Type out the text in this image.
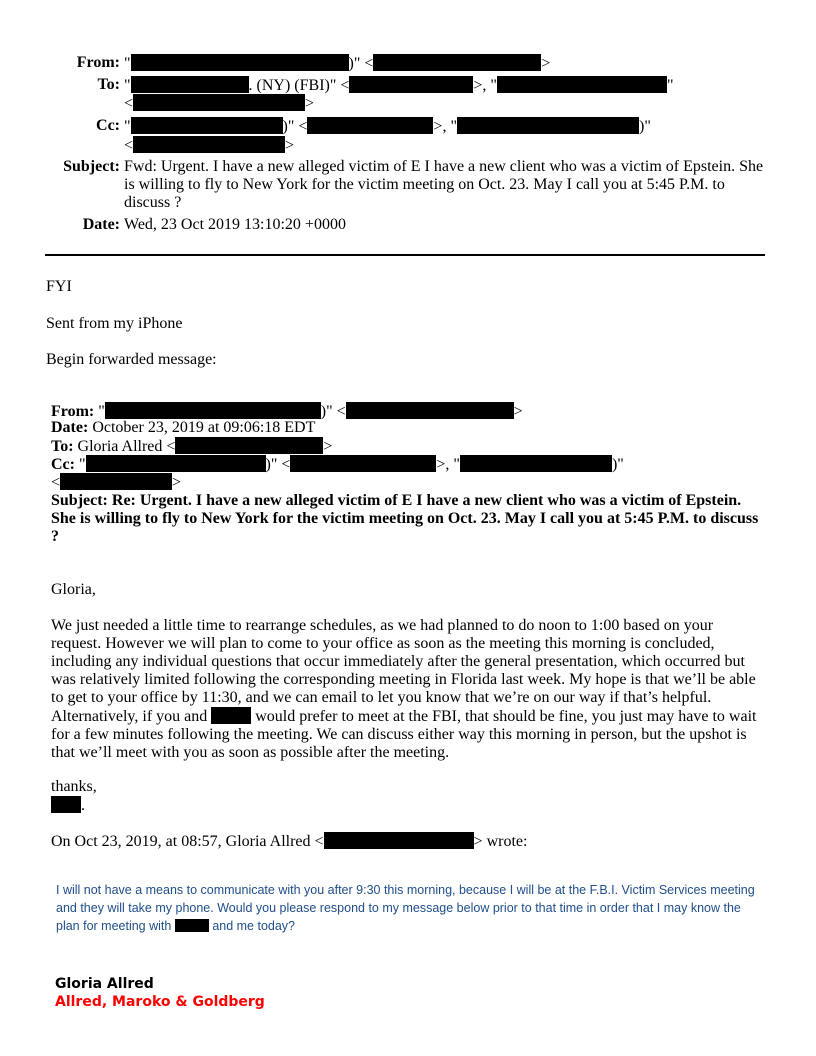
From: "	)" <	>
To: "	. (NY) (FBI)" <	>, "	"
<	>
Cc: "	)" <	>, "	)"
<	>
Subject: Fwd: Urgent. I have a new alleged victim of E I have a new client who was a victim of Epstein. She is willing to fly to New York for the victim meeting on Oct. 23. May I call you at 5:45 P.M. to discuss ?
Date: Wed, 23 Oct 2019 13:10:20 +0000
FYI
Sent from my iPhone
Begin forwarded message:
From: "	)" <	>
Date: October 23, 2019 at 09:06:18 EDT
To: Gloria Allred <	>
Cc: "	)" <	>, "	)"
<	>
Subject: Re: Urgent. I have a new alleged victim of E I have a new client who was a victim of Epstein. She is willing to fly to New York for the victim meeting on Oct. 23. May I call you at 5:45 P.M. to discuss ?
Gloria,
We just needed a little time to rearrange schedules, as we had planned to do noon to 1:00 based on your request. However we will plan to come to your office as soon as the meeting this morning is concluded, including any individual questions that occur immediately after the general presentation, which occurred but was relatively limited following the corresponding meeting in Florida last week. My hope is that we’ll be able to get to your office by 11:30, and we can email to let you know that we’re on our way if that’s helpful. Alternatively, if you and	would prefer to meet at the FBI, that should be fine, you just may have to wait for a few minutes following the meeting. We can discuss either way this morning in person, but the upshot is that we’ll meet with you as soon as possible after the meeting.
thanks,
.
On Oct 23, 2019, at 08:57, Gloria Allred <	> wrote:
I will not have a means to communicate with you after 9:30 this morning, because I will be at the F.B.I. Victim Services meeting and they will take my phone. Would you please respond to my message below prior to that time in order that I may know the plan for meeting with	and me today?
Gloria Allred
Allred, Maroko & Goldberg
